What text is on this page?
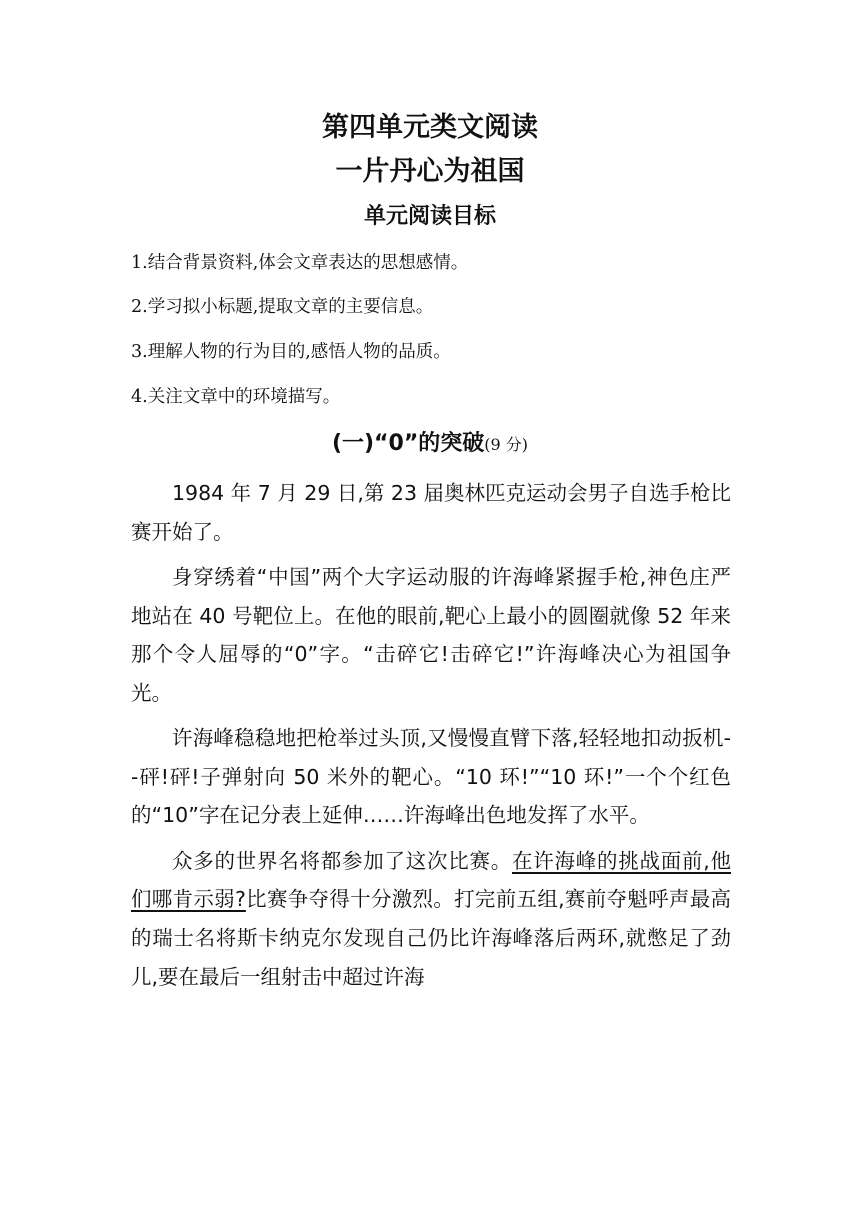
第四单元类文阅读
一片丹心为祖国
单元阅读目标

1.结合背景资料,体会文章表达的思想感情。

2.学习拟小标题,提取文章的主要信息。

3.理解人物的行为目的,感悟人物的品质。

4.关注文章中的环境描写。

(一)“0”的突破(9 分)

1984 年 7 月 29 日,第 23 届奥林匹克运动会男子自选手枪比赛开始了。

身穿绣着“中国”两个大字运动服的许海峰紧握手枪,神色庄严地站在 40 号靶位上。在他的眼前,靶心上最小的圆圈就像 52 年来那个令人屈辱的“0”字。“击碎它!击碎它!”许海峰决心为祖国争光。

许海峰稳稳地把枪举过头顶,又慢慢直臂下落,轻轻地扣动扳机--砰!砰!子弹射向 50 米外的靶心。“10 环!”“10 环!”一个个红色的“10”字在记分表上延伸……许海峰出色地发挥了水平。

众多的世界名将都参加了这次比赛。在许海峰的挑战面前,他们哪肯示弱?比赛争夺得十分激烈。打完前五组,赛前夺魁呼声最高的瑞士名将斯卡纳克尔发现自己仍比许海峰落后两环,就憋足了劲儿,要在最后一组射击中超过许海
